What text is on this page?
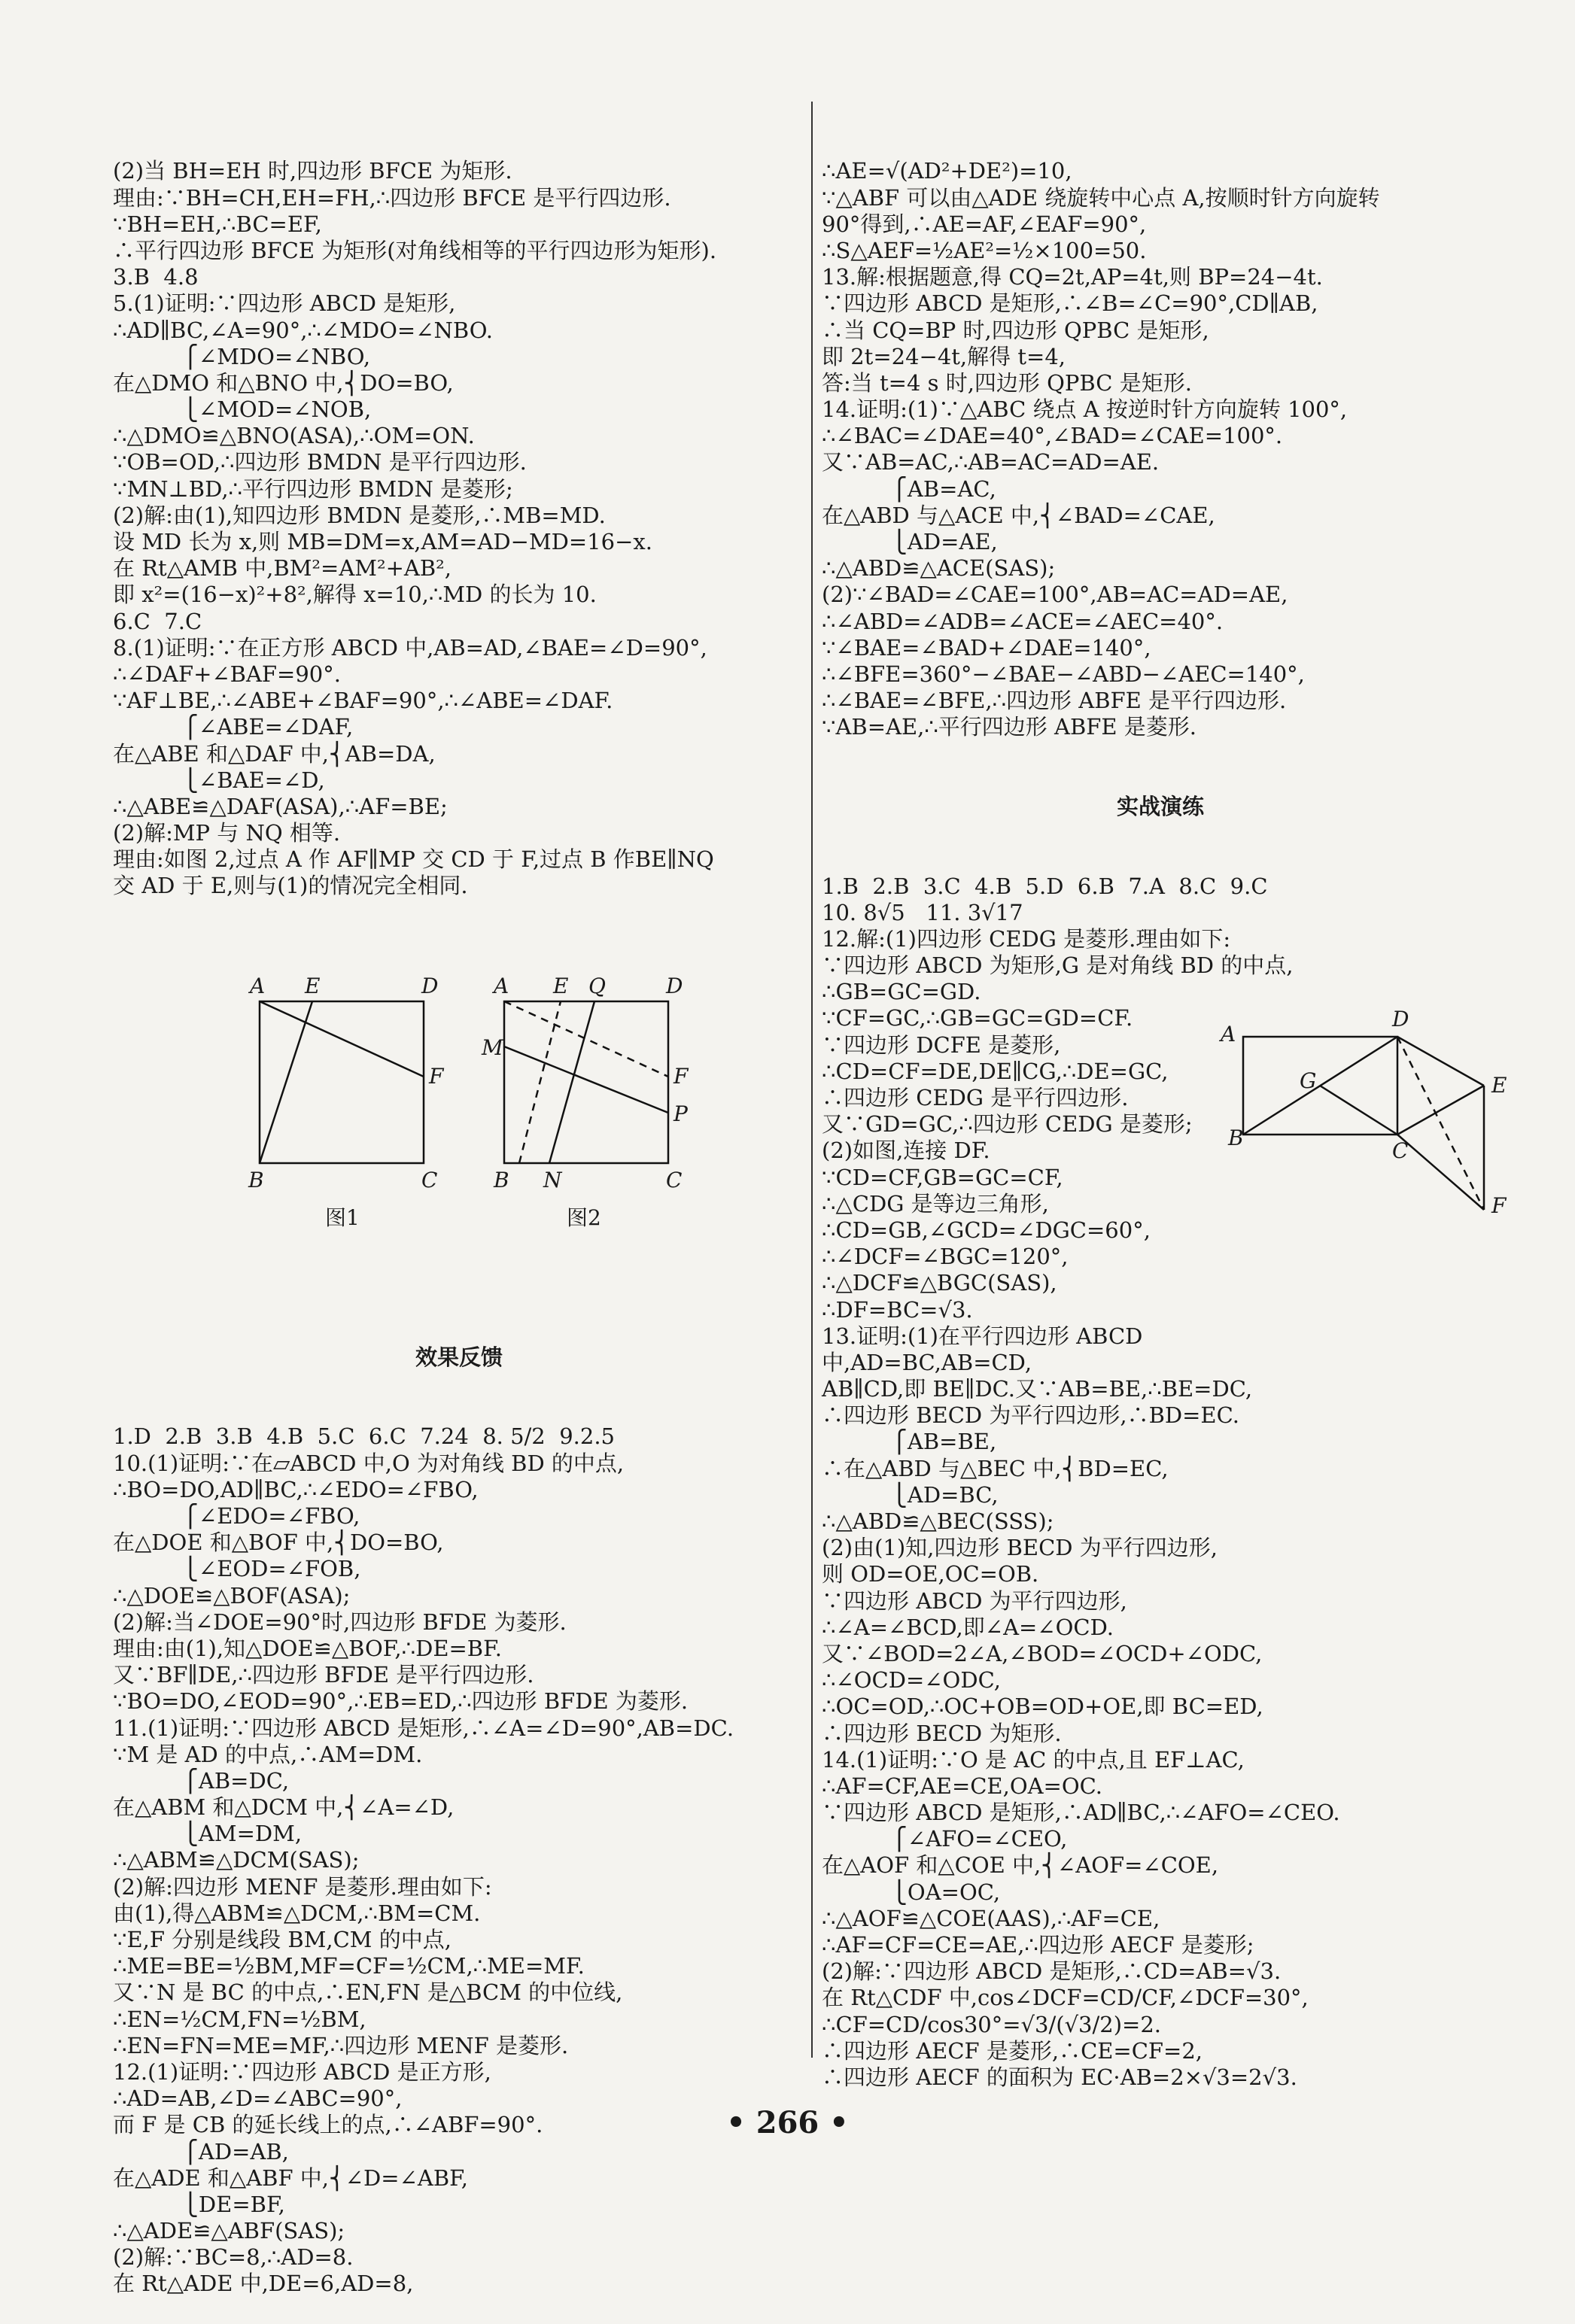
(2)当 BH=EH 时,四边形 BFCE 为矩形.
理由:∵BH=CH,EH=FH,∴四边形 BFCE 是平行四边形.
∵BH=EH,∴BC=EF,
∴平行四边形 BFCE 为矩形(对角线相等的平行四边形为矩形).
3.B  4.8
5.(1)证明:∵四边形 ABCD 是矩形,
∴AD∥BC,∠A=90°,∴∠MDO=∠NBO.
⎧∠MDO=∠NBO,
在△DMO 和△BNO 中,⎨DO=BO,
⎩∠MOD=∠NOB,
∴△DMO≌△BNO(ASA),∴OM=ON.
∵OB=OD,∴四边形 BMDN 是平行四边形.
∵MN⊥BD,∴平行四边形 BMDN 是菱形;
(2)解:由(1),知四边形 BMDN 是菱形,∴MB=MD.
设 MD 长为 x,则 MB=DM=x,AM=AD−MD=16−x.
在 Rt△AMB 中,BM²=AM²+AB²,
即 x²=(16−x)²+8²,解得 x=10,∴MD 的长为 10.
6.C  7.C
8.(1)证明:∵在正方形 ABCD 中,AB=AD,∠BAE=∠D=90°,
∴∠DAF+∠BAF=90°.
∵AF⊥BE,∴∠ABE+∠BAF=90°,∴∠ABE=∠DAF.
⎧∠ABE=∠DAF,
在△ABE 和△DAF 中,⎨AB=DA,
⎩∠BAE=∠D,
∴△ABE≌△DAF(ASA),∴AF=BE;
(2)解:MP 与 NQ 相等.
理由:如图 2,过点 A 作 AF∥MP 交 CD 于 F,过点 B 作BE∥NQ
交 AD 于 E,则与(1)的情况完全相同.

A

E

	D

F

B

	C

A

E

Q

	D

M

F

P

B

N

	C

图1

	图2

效果反馈

1.D  2.B  3.B  4.B  5.C  6.C  7.24  8. 5/2  9.2.5
10.(1)证明:∵在▱ABCD 中,O 为对角线 BD 的中点,
∴BO=DO,AD∥BC,∴∠EDO=∠FBO,
⎧∠EDO=∠FBO,
在△DOE 和△BOF 中,⎨DO=BO,
⎩∠EOD=∠FOB,
∴△DOE≌△BOF(ASA);
(2)解:当∠DOE=90°时,四边形 BFDE 为菱形.
理由:由(1),知△DOE≌△BOF,∴DE=BF.
又∵BF∥DE,∴四边形 BFDE 是平行四边形.
∵BO=DO,∠EOD=90°,∴EB=ED,∴四边形 BFDE 为菱形.
11.(1)证明:∵四边形 ABCD 是矩形,∴∠A=∠D=90°,AB=DC.
∵M 是 AD 的中点,∴AM=DM.
⎧AB=DC,
在△ABM 和△DCM 中,⎨∠A=∠D,
⎩AM=DM,
∴△ABM≌△DCM(SAS);
(2)解:四边形 MENF 是菱形.理由如下:
由(1),得△ABM≌△DCM,∴BM=CM.
∵E,F 分别是线段 BM,CM 的中点,
∴ME=BE=½BM,MF=CF=½CM,∴ME=MF.
又∵N 是 BC 的中点,∴EN,FN 是△BCM 的中位线,
∴EN=½CM,FN=½BM,
∴EN=FN=ME=MF,∴四边形 MENF 是菱形.
12.(1)证明:∵四边形 ABCD 是正方形,
∴AD=AB,∠D=∠ABC=90°,
而 F 是 CB 的延长线上的点,∴∠ABF=90°.
⎧AD=AB,
在△ADE 和△ABF 中,⎨∠D=∠ABF,
⎩DE=BF,
∴△ADE≌△ABF(SAS);
(2)解:∵BC=8,∴AD=8.
在 Rt△ADE 中,DE=6,AD=8,

∴AE=√(AD²+DE²)=10,
∵△ABF 可以由△ADE 绕旋转中心点 A,按顺时针方向旋转
90°得到,∴AE=AF,∠EAF=90°,
∴S△AEF=½AE²=½×100=50.
13.解:根据题意,得 CQ=2t,AP=4t,则 BP=24−4t.
∵四边形 ABCD 是矩形,∴∠B=∠C=90°,CD∥AB,
∴当 CQ=BP 时,四边形 QPBC 是矩形,
即 2t=24−4t,解得 t=4,
答:当 t=4 s 时,四边形 QPBC 是矩形.
14.证明:(1)∵△ABC 绕点 A 按逆时针方向旋转 100°,
∴∠BAC=∠DAE=40°,∠BAD=∠CAE=100°.
又∵AB=AC,∴AB=AC=AD=AE.
⎧AB=AC,
在△ABD 与△ACE 中,⎨∠BAD=∠CAE,
⎩AD=AE,
∴△ABD≌△ACE(SAS);
(2)∵∠BAD=∠CAE=100°,AB=AC=AD=AE,
∴∠ABD=∠ADB=∠ACE=∠AEC=40°.
∵∠BAE=∠BAD+∠DAE=140°,
∴∠BFE=360°−∠BAE−∠ABD−∠AEC=140°,
∴∠BAE=∠BFE,∴四边形 ABFE 是平行四边形.
∵AB=AE,∴平行四边形 ABFE 是菱形.

实战演练

1.B  2.B  3.C  4.B  5.D  6.B  7.A  8.C  9.C
10. 8√5   11. 3√17
12.解:(1)四边形 CEDG 是菱形.理由如下:
∵四边形 ABCD 为矩形,G 是对角线 BD 的中点,
∴GB=GC=GD.
∵CF=GC,∴GB=GC=GD=CF.
∵四边形 DCFE 是菱形,
∴CD=CF=DE,DE∥CG,∴DE=GC,
∴四边形 CEDG 是平行四边形.
又∵GD=GC,∴四边形 CEDG 是菱形;
(2)如图,连接 DF.
∵CD=CF,GB=GC=CF,
∴△CDG 是等边三角形,
∴CD=GB,∠GCD=∠DGC=60°,
∴∠DCF=∠BGC=120°,
∴△DCF≌△BGC(SAS),
∴DF=BC=√3.
13.证明:(1)在平行四边形 ABCD
中,AD=BC,AB=CD,
AB∥CD,即 BE∥DC.又∵AB=BE,∴BE=DC,
∴四边形 BECD 为平行四边形,∴BD=EC.
⎧AB=BE,
∴在△ABD 与△BEC 中,⎨BD=EC,
⎩AD=BC,
∴△ABD≌△BEC(SSS);
(2)由(1)知,四边形 BECD 为平行四边形,
则 OD=OE,OC=OB.
∵四边形 ABCD 为平行四边形,
∴∠A=∠BCD,即∠A=∠OCD.
又∵∠BOD=2∠A,∠BOD=∠OCD+∠ODC,
∴∠OCD=∠ODC,
∴OC=OD,∴OC+OB=OD+OE,即 BC=ED,
∴四边形 BECD 为矩形.
14.(1)证明:∵O 是 AC 的中点,且 EF⊥AC,
∴AF=CF,AE=CE,OA=OC.
∵四边形 ABCD 是矩形,∴AD∥BC,∴∠AFO=∠CEO.
⎧∠AFO=∠CEO,
在△AOF 和△COE 中,⎨∠AOF=∠COE,
⎩OA=OC,
∴△AOF≌△COE(AAS),∴AF=CE,
∴AF=CF=CE=AE,∴四边形 AECF 是菱形;
(2)解:∵四边形 ABCD 是矩形,∴CD=AB=√3.
在 Rt△CDF 中,cos∠DCF=CD/CF,∠DCF=30°,
∴CF=CD/cos30°=√3/(√3/2)=2.
∴四边形 AECF 是菱形,∴CE=CF=2,
∴四边形 AECF 的面积为 EC·AB=2×√3=2√3.

A
D
G	E
B
C
F
• 266 •
